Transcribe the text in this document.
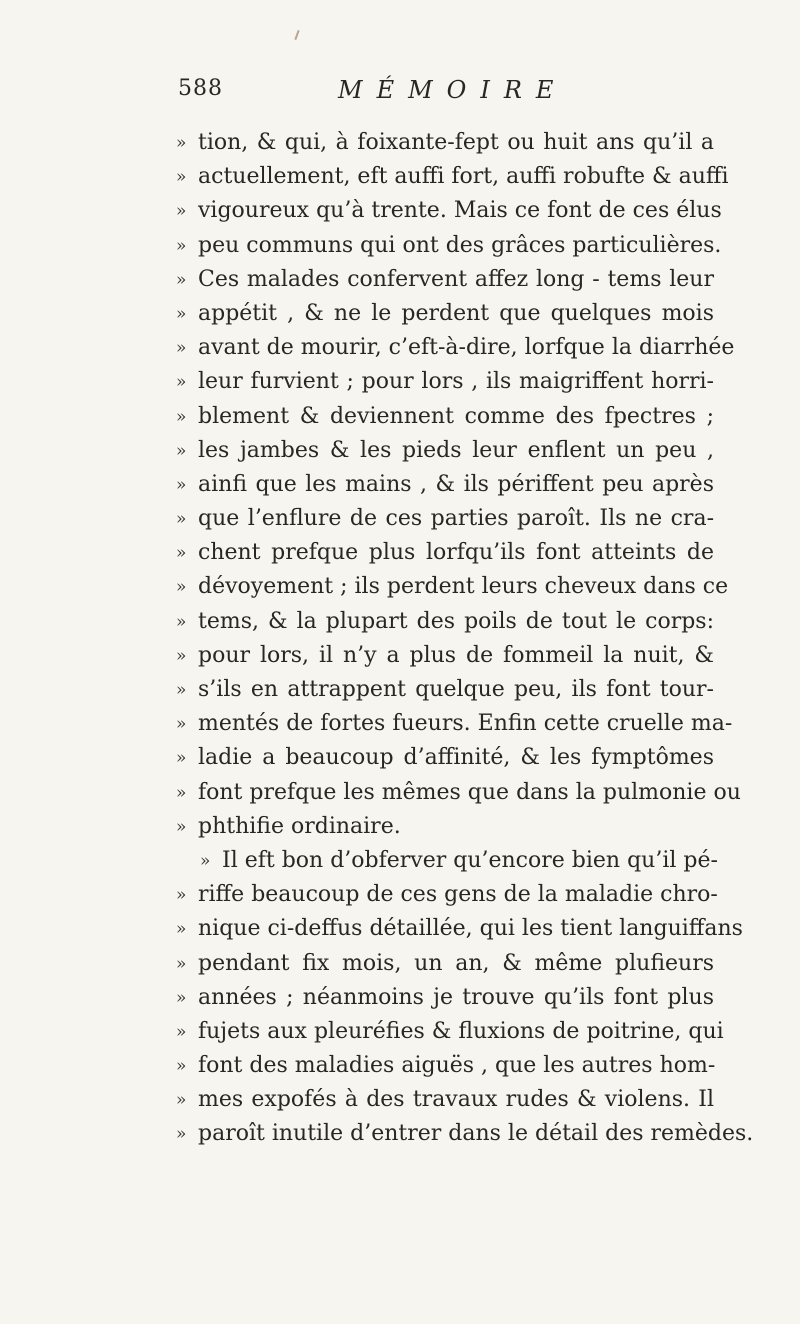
588	MÉMOIRE
» tion, & qui, à foixante-fept ou huit ans qu’il a
» actuellement, eft auffi fort, auffi robufte & auffi
» vigoureux qu’à trente. Mais ce font de ces élus
» peu communs qui ont des grâces particulières.
» Ces malades confervent affez long - tems leur
» appétit , & ne le perdent que quelques mois
» avant de mourir, c’eft-à-dire, lorfque la diarrhée
» leur furvient ; pour lors , ils maigriffent horri-
» blement & deviennent comme des fpectres ;
» les jambes & les pieds leur enflent un peu ,
» ainfi que les mains , & ils périffent peu après
» que l’enflure de ces parties paroît. Ils ne cra-
» chent prefque plus lorfqu’ils font atteints de
» dévoyement ; ils perdent leurs cheveux dans ce
» tems, & la plupart des poils de tout le corps:
» pour lors, il n’y a plus de fommeil la nuit, &
» s’ils en attrappent quelque peu, ils font tour-
» mentés de fortes fueurs. Enfin cette cruelle ma-
» ladie a beaucoup d’affinité, & les fymptômes
» font prefque les mêmes que dans la pulmonie ou
» phthifie ordinaire.
» Il eft bon d’obferver qu’encore bien qu’il pé-
» riffe beaucoup de ces gens de la maladie chro-
» nique ci-deffus détaillée, qui les tient languiffans
» pendant fix mois, un an, & même plufieurs
» années ; néanmoins je trouve qu’ils font plus
» fujets aux pleuréfies & fluxions de poitrine, qui
» font des maladies aiguës , que les autres hom-
» mes expofés à des travaux rudes & violens. Il
» paroît inutile d’entrer dans le détail des remèdes.
